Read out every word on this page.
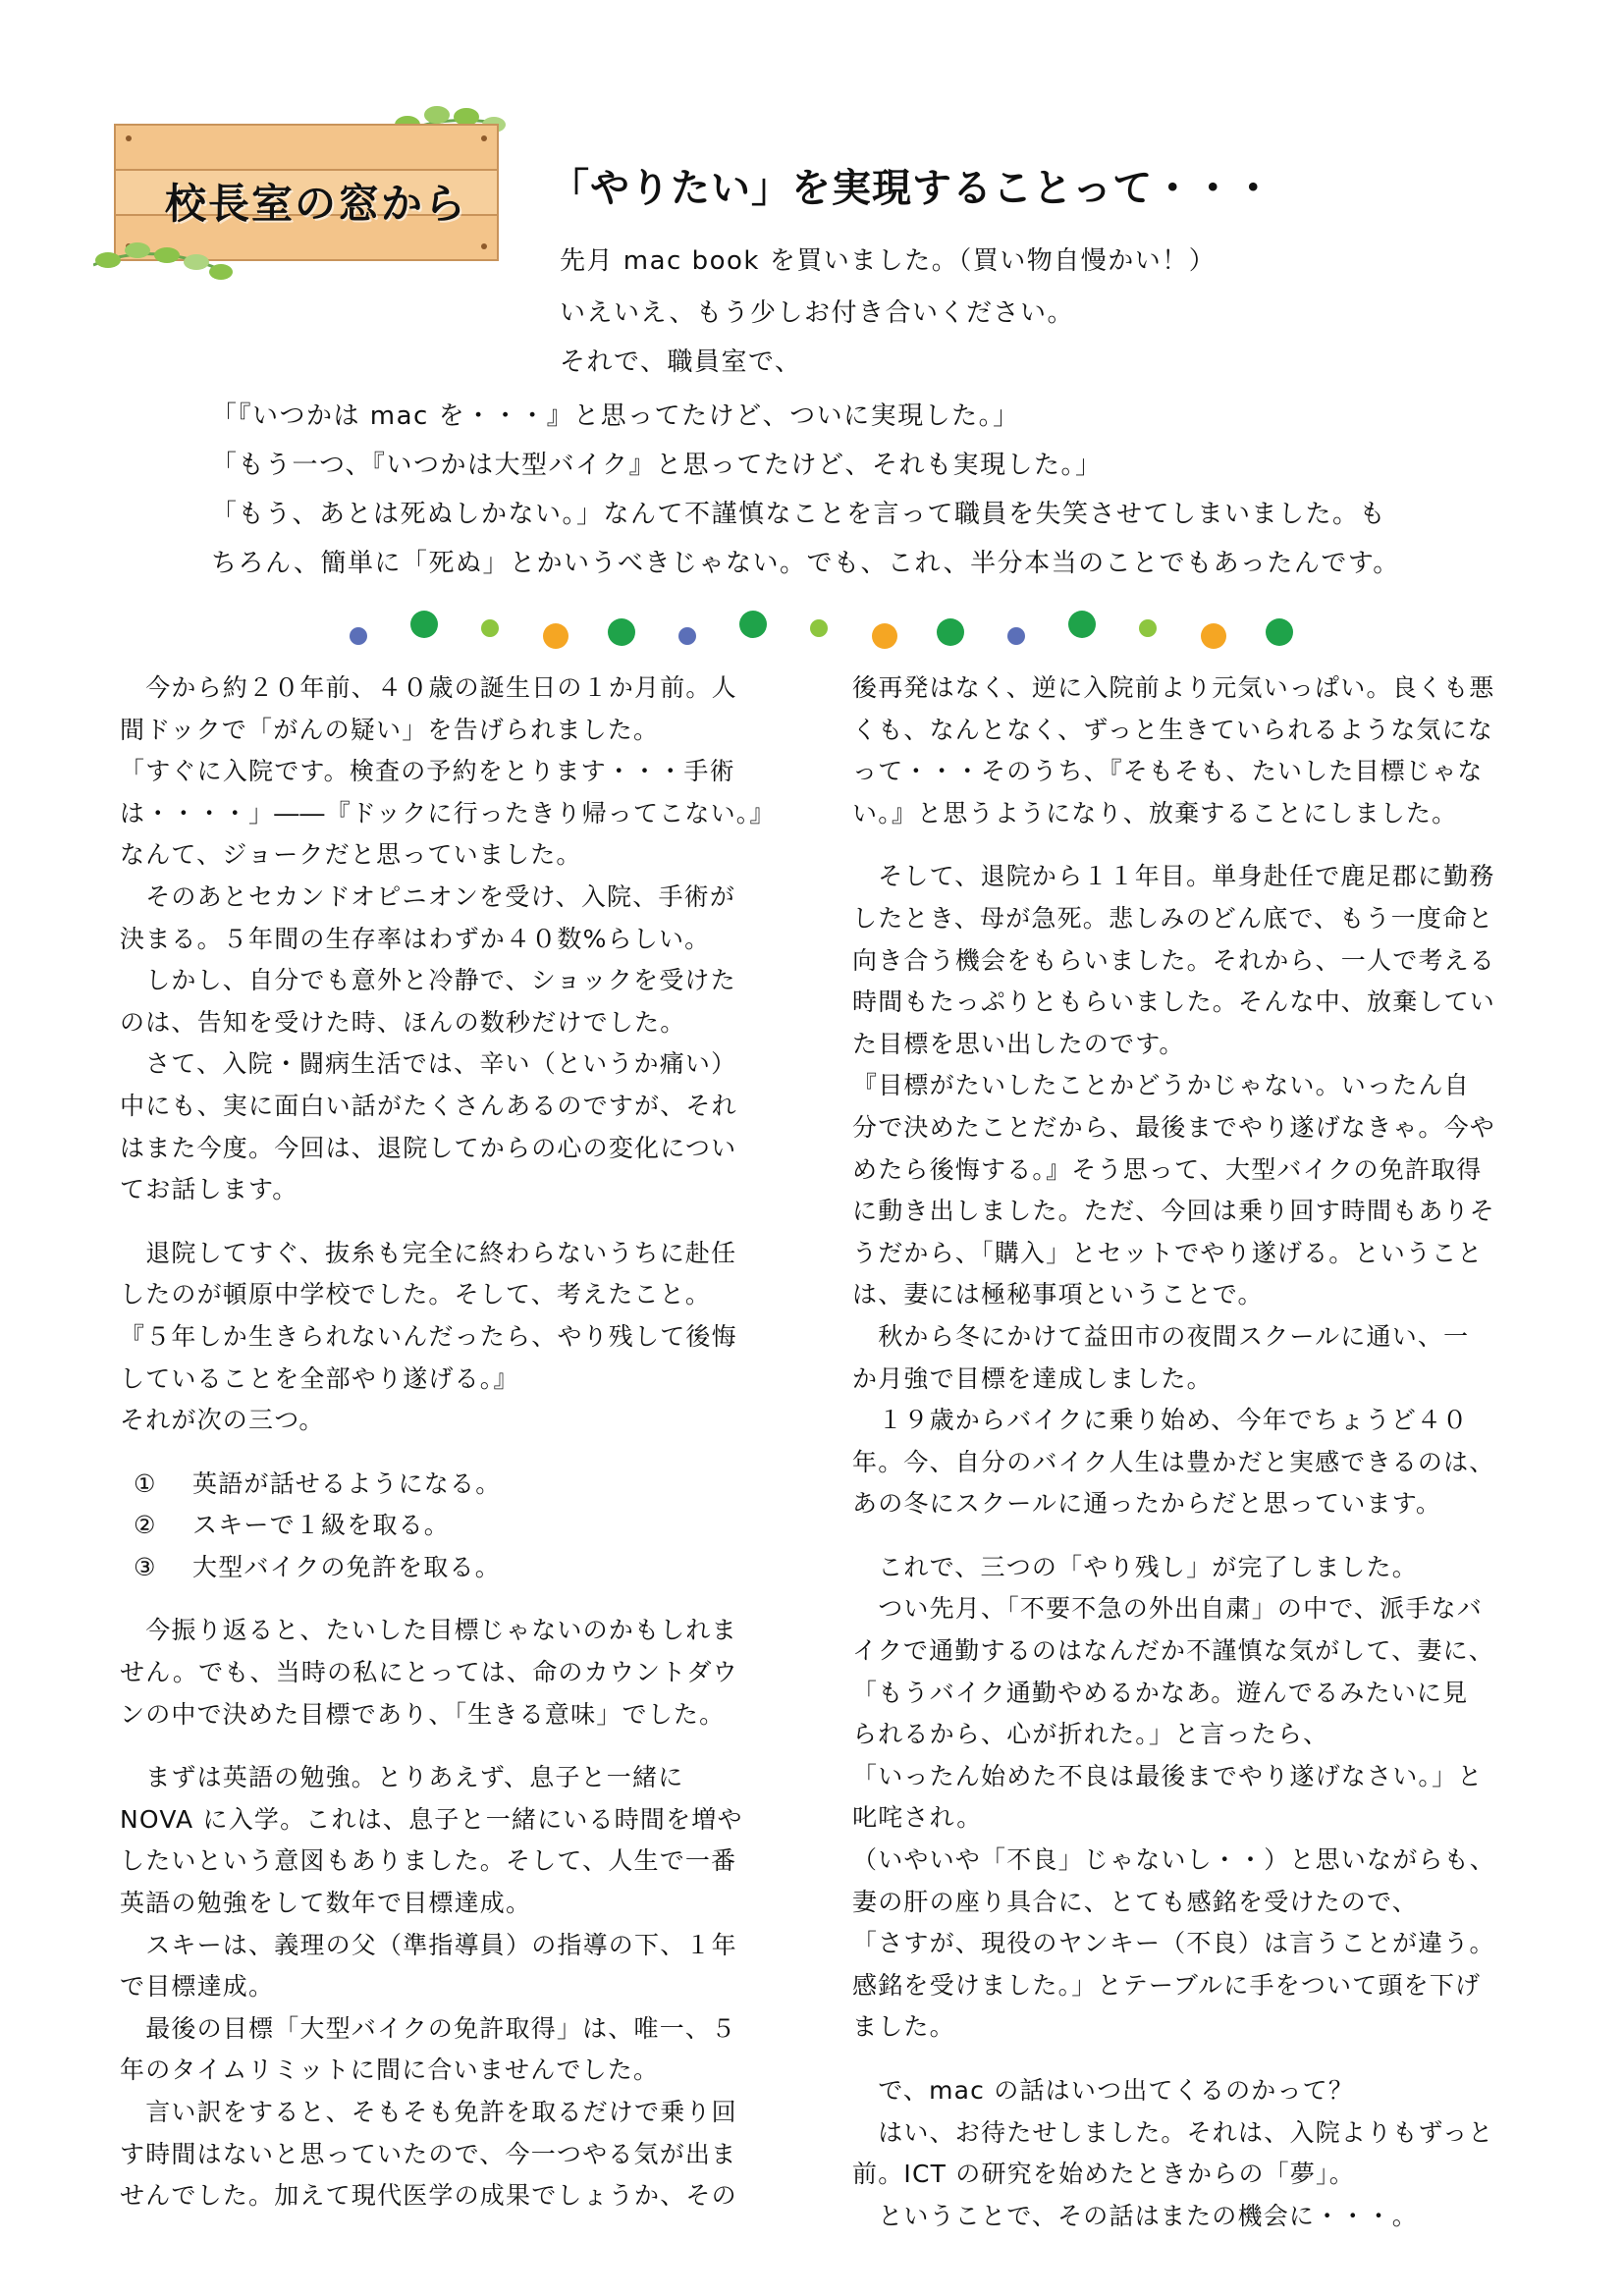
校長室の窓から 「やりたい」を実現することって・・・
先月 mac book を買いました。（買い物自慢かい！）
いえいえ、もう少しお付き合いください。
それで、職員室で、
「『いつかは mac を・・・』と思ってたけど、ついに実現した。」
「もう一つ、『いつかは大型バイク』と思ってたけど、それも実現した。」
「もう、あとは死ぬしかない。」なんて不謹慎なことを言って職員を失笑させてしまいました。も
ちろん、簡単に「死ぬ」とかいうべきじゃない。でも、これ、半分本当のことでもあったんです。

　今から約２０年前、４０歳の誕生日の１か月前。人
間ドックで「がんの疑い」を告げられました。
「すぐに入院です。検査の予約をとります・・・手術
は・・・・」――『ドックに行ったきり帰ってこない。』
なんて、ジョークだと思っていました。
　そのあとセカンドオピニオンを受け、入院、手術が
決まる。５年間の生存率はわずか４０数%らしい。
　しかし、自分でも意外と冷静で、ショックを受けた
のは、告知を受けた時、ほんの数秒だけでした。
　さて、入院・闘病生活では、辛い（というか痛い）
中にも、実に面白い話がたくさんあるのですが、それ
はまた今度。今回は、退院してからの心の変化につい
てお話します。

　退院してすぐ、抜糸も完全に終わらないうちに赴任
したのが頓原中学校でした。そして、考えたこと。
『５年しか生きられないんだったら、やり残して後悔
していることを全部やり遂げる。』
それが次の三つ。

①	英語が話せるようになる。
②	スキーで１級を取る。
③	大型バイクの免許を取る。

　今振り返ると、たいした目標じゃないのかもしれま
せん。でも、当時の私にとっては、命のカウントダウ
ンの中で決めた目標であり、「生きる意味」でした。

　まずは英語の勉強。とりあえず、息子と一緒に
NOVA に入学。これは、息子と一緒にいる時間を増や
したいという意図もありました。そして、人生で一番
英語の勉強をして数年で目標達成。
　スキーは、義理の父（準指導員）の指導の下、１年
で目標達成。
　最後の目標「大型バイクの免許取得」は、唯一、５
年のタイムリミットに間に合いませんでした。
　言い訳をすると、そもそも免許を取るだけで乗り回
す時間はないと思っていたので、今一つやる気が出ま
せんでした。加えて現代医学の成果でしょうか、その

後再発はなく、逆に入院前より元気いっぱい。良くも悪
くも、なんとなく、ずっと生きていられるような気にな
って・・・そのうち、『そもそも、たいした目標じゃな
い。』と思うようになり、放棄することにしました。

　そして、退院から１１年目。単身赴任で鹿足郡に勤務
したとき、母が急死。悲しみのどん底で、もう一度命と
向き合う機会をもらいました。それから、一人で考える
時間もたっぷりともらいました。そんな中、放棄してい
た目標を思い出したのです。
『目標がたいしたことかどうかじゃない。いったん自
分で決めたことだから、最後までやり遂げなきゃ。今や
めたら後悔する。』そう思って、大型バイクの免許取得
に動き出しました。ただ、今回は乗り回す時間もありそ
うだから、「購入」とセットでやり遂げる。ということ
は、妻には極秘事項ということで。
　秋から冬にかけて益田市の夜間スクールに通い、一
か月強で目標を達成しました。
　１９歳からバイクに乗り始め、今年でちょうど４０
年。今、自分のバイク人生は豊かだと実感できるのは、
あの冬にスクールに通ったからだと思っています。

　これで、三つの「やり残し」が完了しました。
　つい先月、「不要不急の外出自粛」の中で、派手なバ
イクで通勤するのはなんだか不謹慎な気がして、妻に、
「もうバイク通勤やめるかなあ。遊んでるみたいに見
られるから、心が折れた。」と言ったら、
「いったん始めた不良は最後までやり遂げなさい。」と
叱咤され。
（いやいや「不良」じゃないし・・）と思いながらも、
妻の肝の座り具合に、とても感銘を受けたので、
「さすが、現役のヤンキー（不良）は言うことが違う。
感銘を受けました。」とテーブルに手をついて頭を下げ
ました。

　で、mac の話はいつ出てくるのかって？
　はい、お待たせしました。それは、入院よりもずっと
前。ICT の研究を始めたときからの「夢」。
　ということで、その話はまたの機会に・・・。
